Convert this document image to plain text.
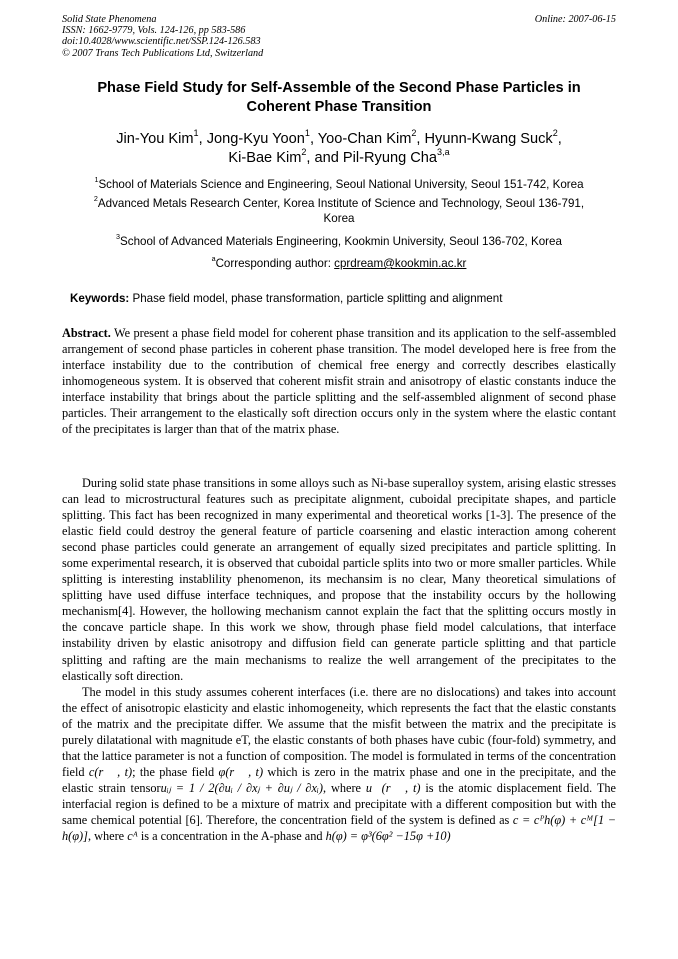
Solid State Phenomena
ISSN: 1662-9779, Vols. 124-126, pp 583-586
doi:10.4028/www.scientific.net/SSP.124-126.583
© 2007 Trans Tech Publications Ltd, Switzerland
Online: 2007-06-15
Phase Field Study for Self-Assemble of the Second Phase Particles in
Coherent Phase Transition
Jin-You Kim$^1$, Jong-Kyu Yoon$^1$, Yoo-Chan Kim$^2$, Hyunn-Kwang Suck$^2$,
Ki-Bae Kim$^2$, and Pil-Ryung Cha$^{3,a}$
$^1$School of Materials Science and Engineering, Seoul National University, Seoul 151-742, Korea
$^2$Advanced Metals Research Center, Korea Institute of Science and Technology, Seoul 136-791,
Korea
$^3$School of Advanced Materials Engineering, Kookmin University, Seoul 136-702, Korea
$^a$Corresponding author: cprdream@kookmin.ac.kr
Keywords: Phase field model, phase transformation, particle splitting and alignment

Abstract. We present a phase field model for coherent phase transition and its application to the self-assembled arrangement of second phase particles in coherent phase transition. The model developed here is free from the interface instability due to the contribution of chemical free energy and correctly describes elastically inhomogeneous system. It is observed that coherent misfit strain and anisotropy of elastic constants induce the interface instability that brings about the particle splitting and the self-assembled alignment of second phase particles. Their arrangement to the elastically soft direction occurs only in the system where the elastic contant of the precipitates is larger than that of the matrix phase.

During solid state phase transitions in some alloys such as Ni-base superalloy system, arising elastic stresses can lead to microstructural features such as precipitate alignment, cuboidal precipitate shapes, and particle splitting. This fact has been recognized in many experimental and theoretical works [1-3]. The presence of the elastic field could destroy the general feature of particle coarsening and elastic interaction among coherent second phase particles could generate an arrangement of equally sized precipitates and particle splitting. In some experimental research, it is observed that cuboidal particle splits into two or more smaller particles. While splitting is interesting instablility phenomenon, its mechansim is no clear, Many theoretical simulations of splitting have used diffuse interface techniques, and propose that the instability occurs by the hollowing mechanism[4]. However, the hollowing mechanism cannot explain the fact that the splitting occurs mostly in the concave particle shape. In this work we show, through phase field model calculations, that interface instability driven by elastic anisotropy and diffusion field can generate particle splitting and that particle splitting and rafting are the main mechanisms to realize the well arrangement of the precipitates to the elastically soft direction.

The model in this study assumes coherent interfaces (i.e. there are no dislocations) and takes into account the effect of anisotropic elasticity and elastic inhomogeneity, which represents the fact that the elastic constants of the matrix and the precipitate differ. We assume that the misfit between the matrix and the precipitate is purely dilatational with magnitude eT, the elastic constants of both phases have cubic (four-fold) symmetry, and that the lattice parameter is not a function of composition. The model is formulated in terms of the concentration field c(r⃗ , t); the phase field φ(r⃗ , t) which is zero in the matrix phase and one in the precipitate, and the elastic strain tensoruᵢⱼ = 1 / 2(∂uᵢ / ∂xⱼ + ∂uⱼ / ∂xᵢ), where u⃗(r⃗ , t) is the atomic displacement field. The interfacial region is defined to be a mixture of matrix and precipitate with a different composition but with the same chemical potential [6]. Therefore, the concentration field of the system is defined as c = cᴾh(φ) + cᴹ[1 − h(φ)], where cᴬ is a concentration in the A-phase and h(φ) = φ³(6φ² −15φ +10)
